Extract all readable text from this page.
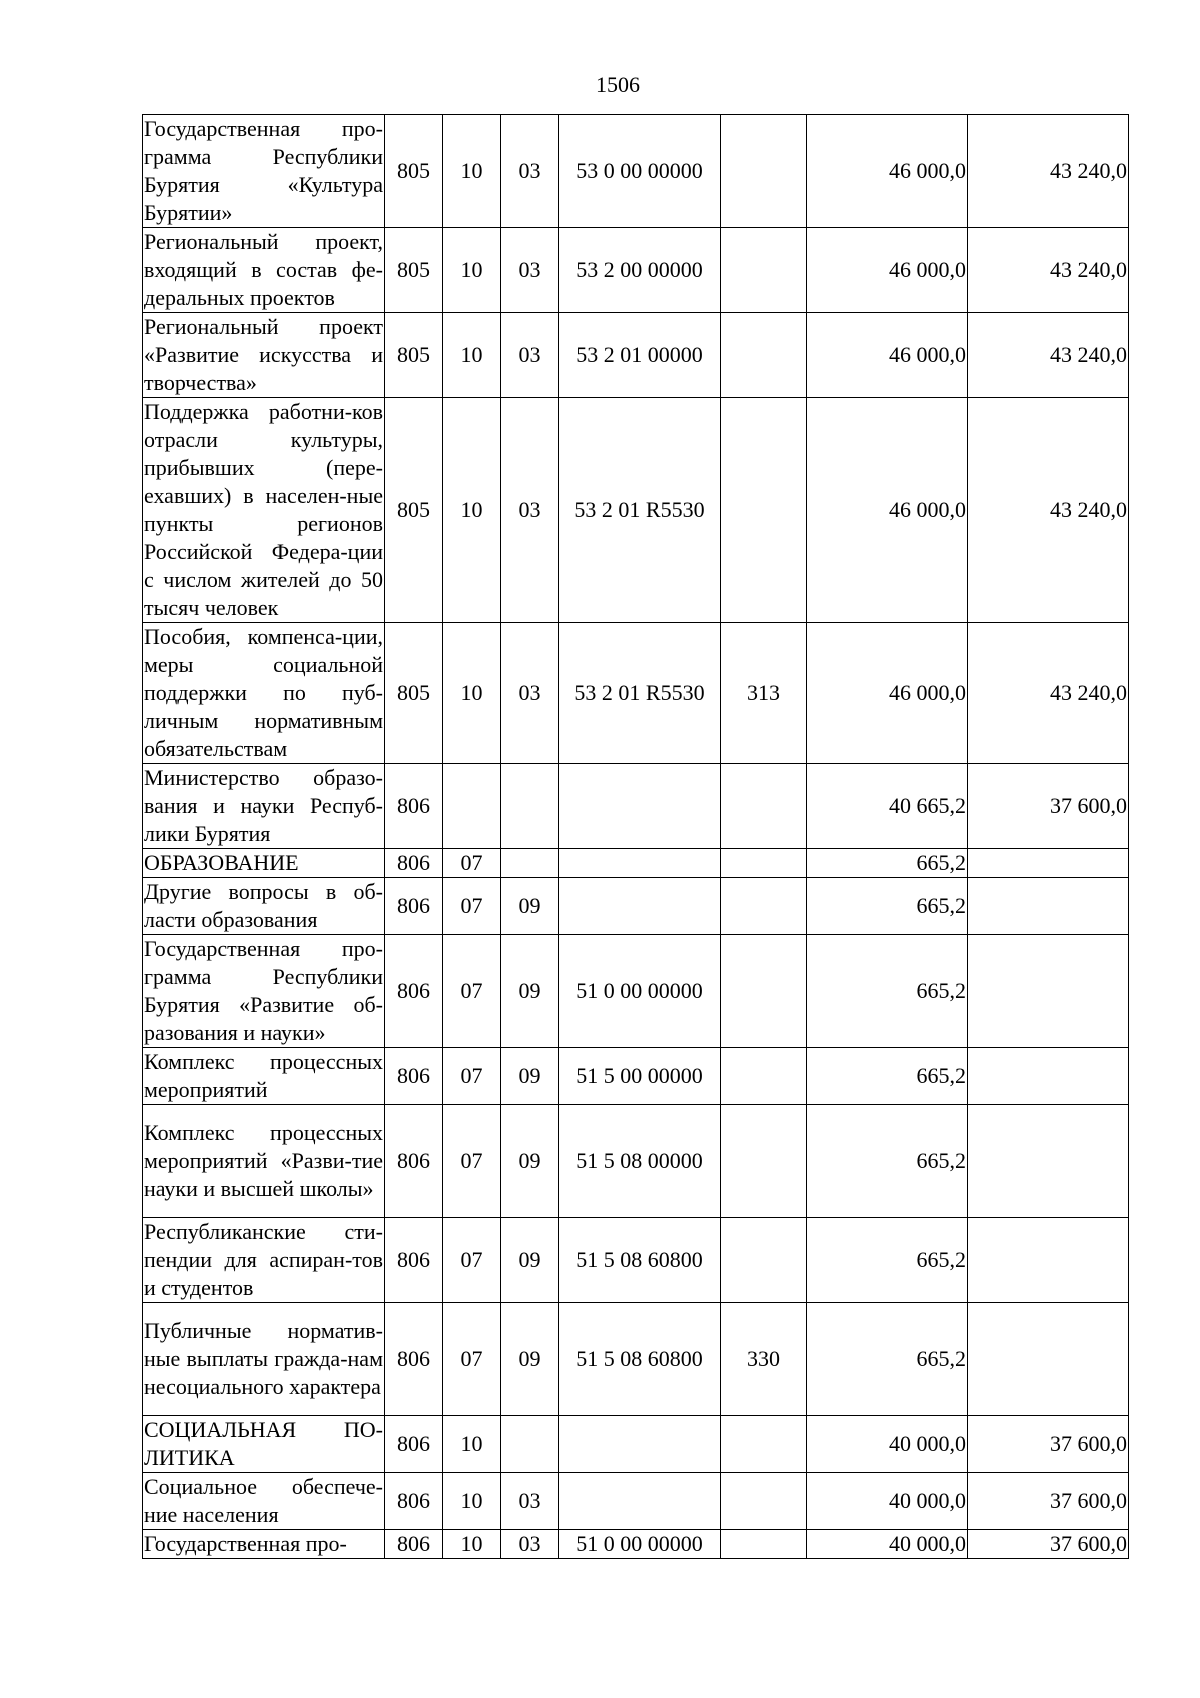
1506
Государственная про-грамма Республики Бурятия «Культура Бурятии»	805	10	03	53 0 00 00000		46 000,0	43 240,0
Региональный проект, входящий в состав фе-деральных проектов	805	10	03	53 2 00 00000		46 000,0	43 240,0
Региональный проект «Развитие искусства и творчества»	805	10	03	53 2 01 00000		46 000,0	43 240,0
Поддержка работни-ков отрасли культуры, прибывших (пере-ехавших) в населен-ные пункты регионов Российской Федера-ции с числом жителей до 50 тысяч человек	805	10	03	53 2 01 R5530		46 000,0	43 240,0
Пособия, компенса-ции, меры социальной поддержки по пуб-личным нормативным обязательствам	805	10	03	53 2 01 R5530	313	46 000,0	43 240,0
Министерство образо-вания и науки Респуб-лики Бурятия	806					40 665,2	37 600,0
ОБРАЗОВАНИЕ	806	07				665,2	
Другие вопросы в об-ласти образования	806	07	09			665,2	
Государственная про-грамма Республики Бурятия «Развитие об-разования и науки»	806	07	09	51 0 00 00000		665,2	
Комплекс процессных мероприятий	806	07	09	51 5 00 00000		665,2	
Комплекс процессных мероприятий «Разви-тие науки и высшей школы»	806	07	09	51 5 08 00000		665,2	
Республиканские сти-пендии для аспиран-тов и студентов	806	07	09	51 5 08 60800		665,2	
Публичные норматив-ные выплаты гражда-нам несоциального характера	806	07	09	51 5 08 60800	330	665,2	
СОЦИАЛЬНАЯ ПО-ЛИТИКА	806	10				40 000,0	37 600,0
Социальное обеспече-ние населения	806	10	03			40 000,0	37 600,0
Государственная про-	806	10	03	51 0 00 00000		40 000,0	37 600,0
